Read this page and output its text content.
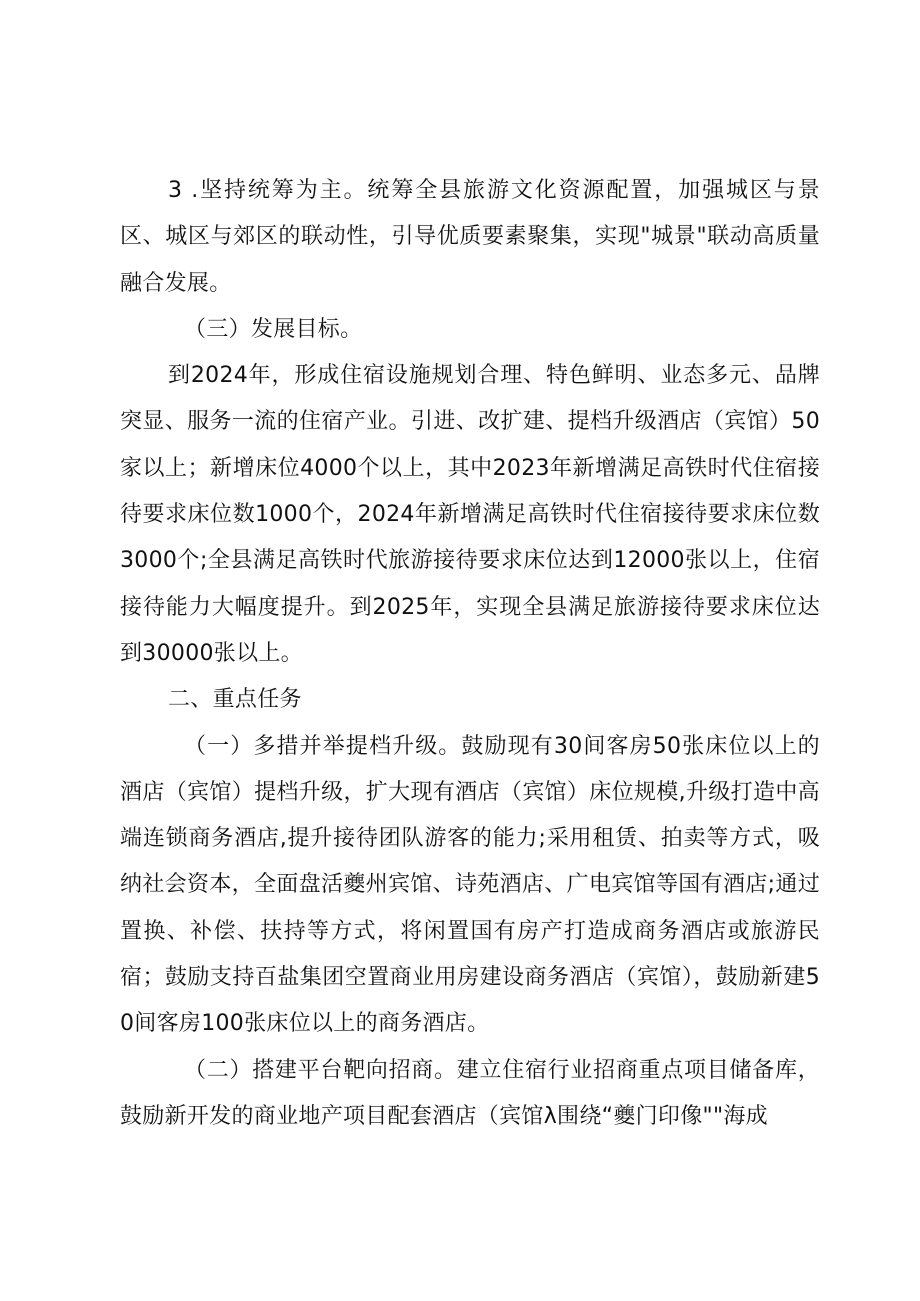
3 .坚持统筹为主。统筹全县旅游文化资源配置，加强城区与景区、城区与郊区的联动性，引导优质要素聚集，实现"城景"联动高质量融合发展。

（三）发展目标。

到2024年，形成住宿设施规划合理、特色鲜明、业态多元、品牌突显、服务一流的住宿产业。引进、改扩建、提档升级酒店（宾馆）50家以上；新增床位4000个以上，其中2023年新增满足高铁时代住宿接待要求床位数1000个，2024年新增满足高铁时代住宿接待要求床位数3000个;全县满足高铁时代旅游接待要求床位达到12000张以上，住宿接待能力大幅度提升。到2025年，实现全县满足旅游接待要求床位达到30000张以上。

二、重点任务

（一）多措并举提档升级。鼓励现有30间客房50张床位以上的酒店（宾馆）提档升级，扩大现有酒店（宾馆）床位规模,升级打造中高端连锁商务酒店,提升接待团队游客的能力;采用租赁、拍卖等方式，吸纳社会资本，全面盘活夔州宾馆、诗苑酒店、广电宾馆等国有酒店;通过置换、补偿、扶持等方式，将闲置国有房产打造成商务酒店或旅游民宿；鼓励支持百盐集团空置商业用房建设商务酒店（宾馆），鼓励新建50间客房100张床位以上的商务酒店。

（二）搭建平台靶向招商。建立住宿行业招商重点项目储备库，鼓励新开发的商业地产项目配套酒店（宾馆λ围绕“夔门印像""海成
